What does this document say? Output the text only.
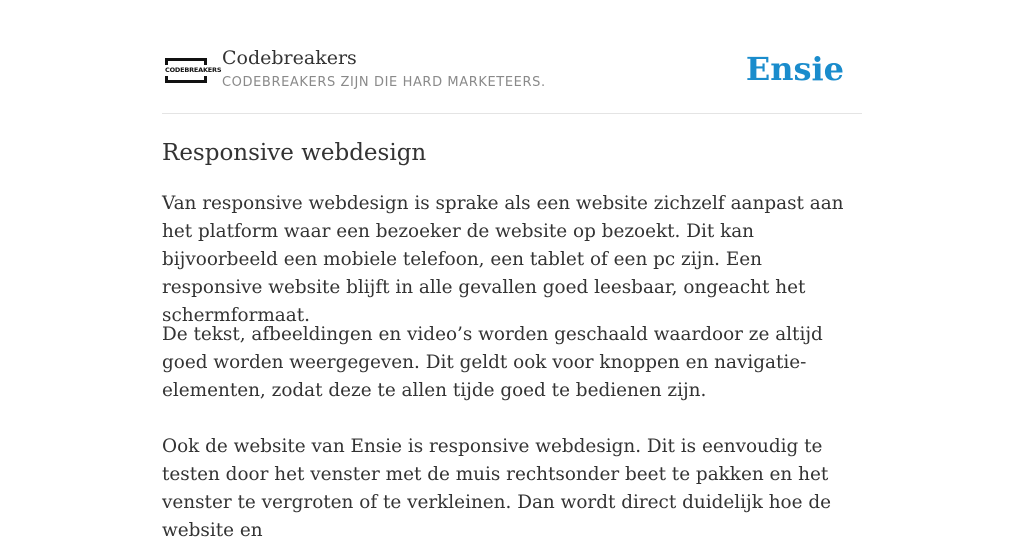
CODEBREAKERS
Codebreakers
CODEBREAKERS ZIJN DIE HARD MARKETEERS.	Ensie
Responsive webdesign

Van responsive webdesign is sprake als een website zichzelf aanpast aan het platform waar een bezoeker de website op bezoekt. Dit kan bijvoorbeeld een mobiele telefoon, een tablet of een pc zijn. Een responsive website blijft in alle gevallen goed leesbaar, ongeacht het schermformaat.

De tekst, afbeeldingen en video’s worden geschaald waardoor ze altijd goed worden weergegeven. Dit geldt ook voor knoppen en navigatie-elementen, zodat deze te allen tijde goed te bedienen zijn.

Ook de website van Ensie is responsive webdesign. Dit is eenvoudig te testen door het venster met de muis rechtsonder beet te pakken en het venster te vergroten of te verkleinen. Dan wordt direct duidelijk hoe de website en
